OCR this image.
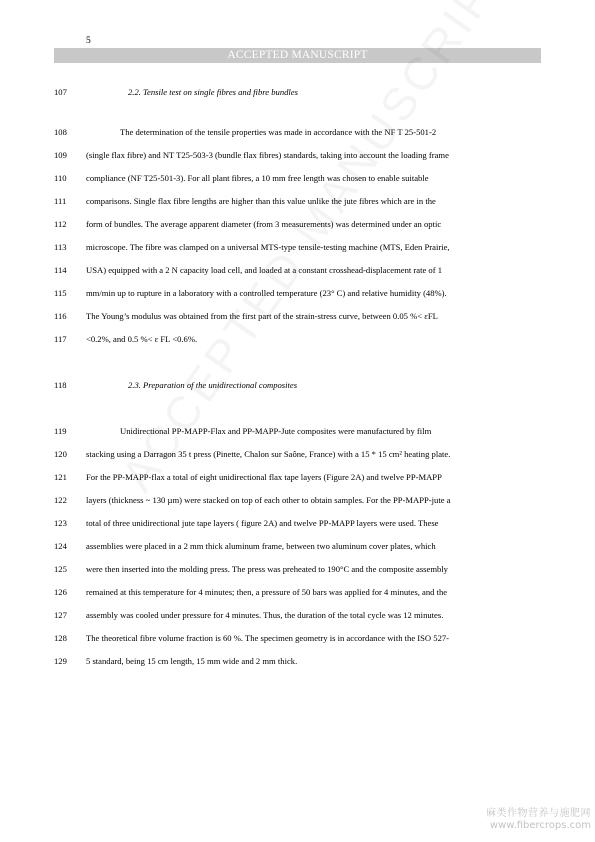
5
ACCEPTED MANUSCRIPT
107	2.2. Tensile test on single fibres and fibre bundles
108	The determination of the tensile properties was made in accordance with the NF T 25-501-2
109 (single flax fibre) and NT T25-503-3 (bundle flax fibres) standards, taking into account the loading frame
110 compliance (NF T25-501-3). For all plant fibres, a 10 mm free length was chosen to enable suitable
111 comparisons. Single flax fibre lengths are higher than this value unlike the jute fibres which are in the
112 form of bundles. The average apparent diameter (from 3 measurements) was determined under an optic
113 microscope. The fibre was clamped on a universal MTS-type tensile-testing machine (MTS, Eden Prairie,
114 USA) equipped with a 2 N capacity load cell, and loaded at a constant crosshead-displacement rate of 1
115 mm/min up to rupture in a laboratory with a controlled temperature (23° C) and relative humidity (48%).
116 The Young’s modulus was obtained from the first part of the strain-stress curve, between 0.05 %< εFL
117 <0.2%, and 0.5 %< ε FL <0.6%.
118	2.3. Preparation of the unidirectional composites
119	Unidirectional PP-MAPP-Flax and PP-MAPP-Jute composites were manufactured by film
120 stacking using a Darragon 35 t press (Pinette, Chalon sur Saône, France) with a 15 * 15 cm² heating plate.
121 For the PP-MAPP-flax a total of eight unidirectional flax tape layers (Figure 2A) and twelve PP-MAPP
122 layers (thickness ~ 130 µm) were stacked on top of each other to obtain samples. For the PP-MAPP-jute a
123 total of three unidirectional jute tape layers ( figure 2A) and twelve PP-MAPP layers were used. These
124 assemblies were placed in a 2 mm thick aluminum frame, between two aluminum cover plates, which
125 were then inserted into the molding press. The press was preheated to 190°C and the composite assembly
126 remained at this temperature for 4 minutes; then, a pressure of 50 bars was applied for 4 minutes, and the
127 assembly was cooled under pressure for 4 minutes. Thus, the duration of the total cycle was 12 minutes.
128 The theoretical fibre volume fraction is 60 %. The specimen geometry is in accordance with the ISO 527-
129 5 standard, being 15 cm length, 15 mm wide and 2 mm thick.
麻类作物营养与施肥网
www.fibercrops.com
